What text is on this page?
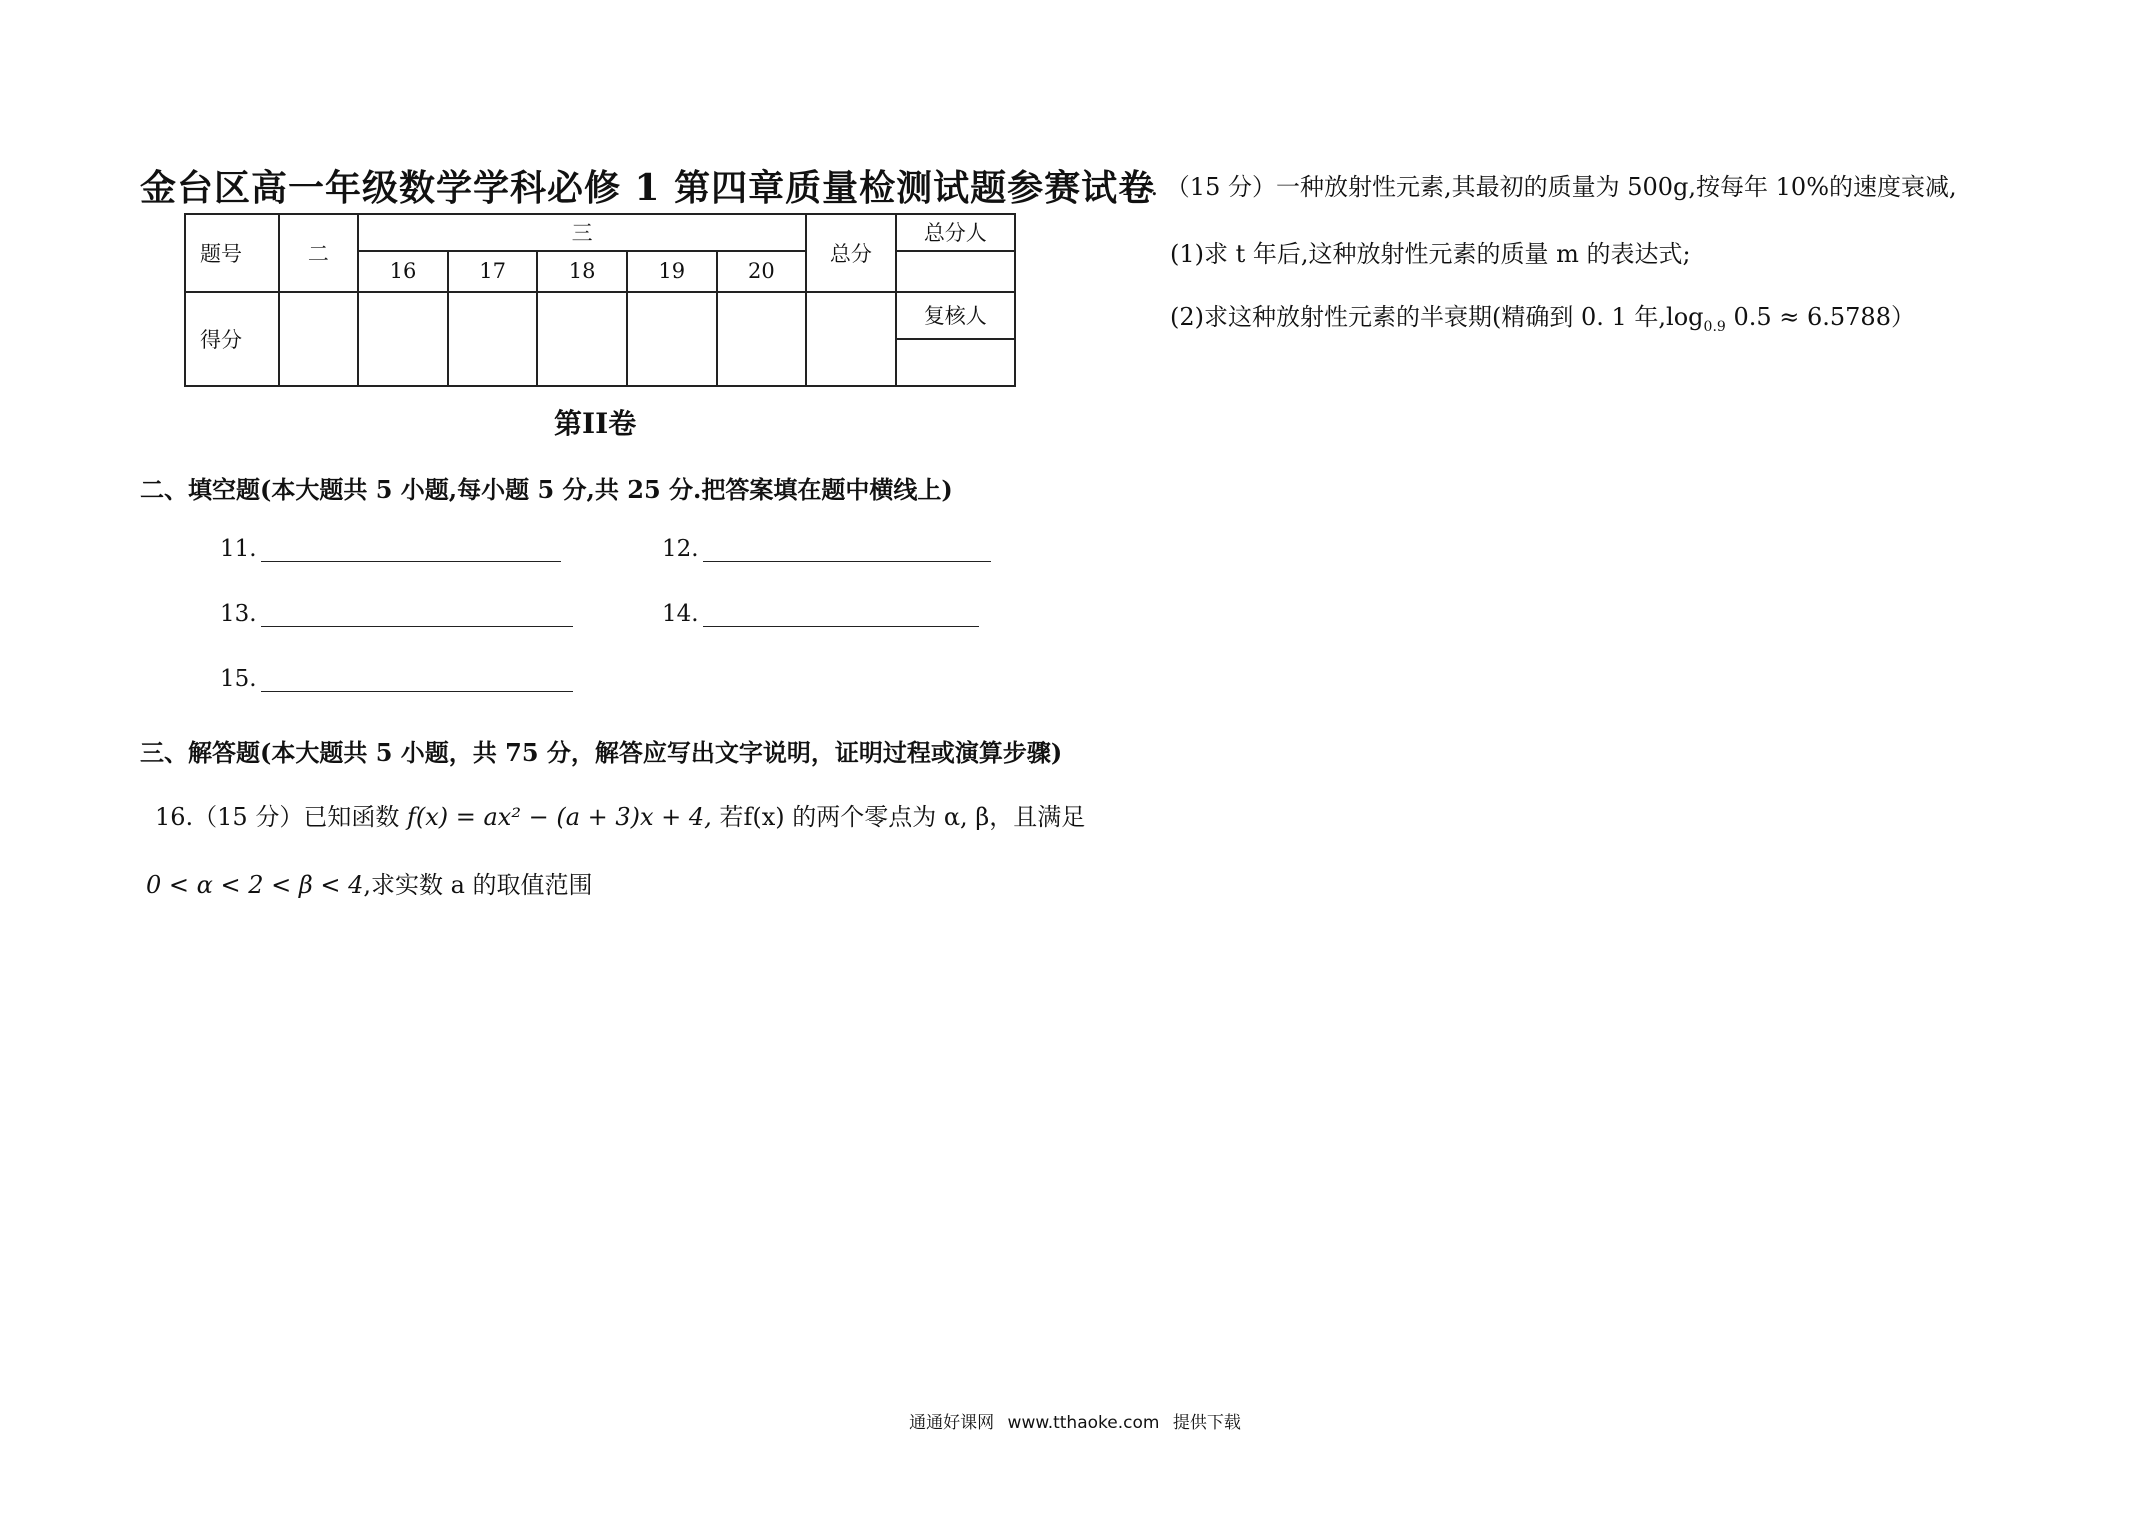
金台区高一年级数学学科必修 1 第四章质量检测试题参赛试卷
题号	二	三					总分	总分人
		16	17	18	19	20		
得分								复核人

第II卷
二、填空题(本大题共 5 小题,每小题 5 分,共 25 分.把答案填在题中横线上)
11.	12.
13.	14.
15.
三、解答题(本大题共 5 小题，共 75 分，解答应写出文字说明，证明过程或演算步骤)
16.（15 分）已知函数 f(x) = ax² − (a + 3)x + 4, 若f(x) 的两个零点为 α, β，且满足
0 < α < 2 < β < 4,求实数 a 的取值范围
17. （15 分）一种放射性元素,其最初的质量为 500g,按每年 10%的速度衰减,
(1)求 t 年后,这种放射性元素的质量 m 的表达式;
(2)求这种放射性元素的半衰期(精确到 0. 1 年$,\log_{0.9}$ 0.5 ≈ 6.5788）
通通好课网 www.tthaoke.com 提供下载
